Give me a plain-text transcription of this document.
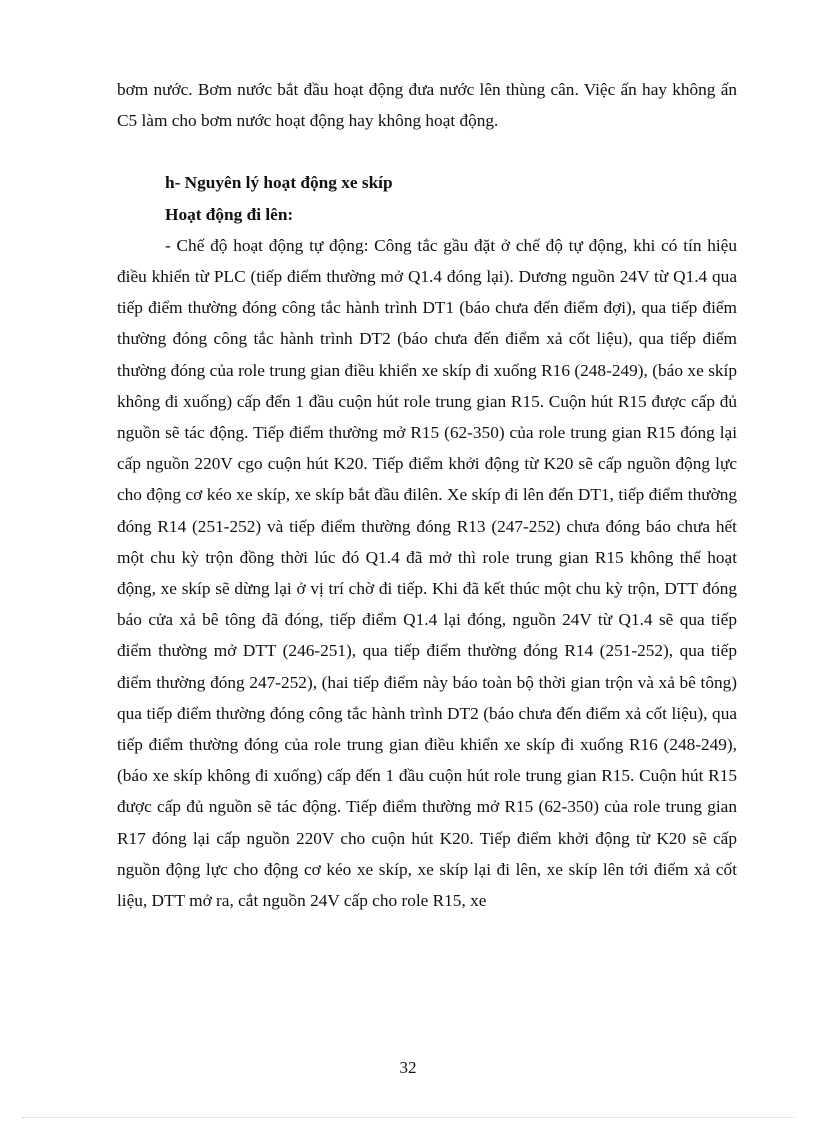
bơm nước. Bơm nước bắt đầu hoạt động đưa nước lên thùng cân. Việc ấn hay không ấn C5 làm cho bơm nước hoạt động hay không hoạt động.

h- Nguyên lý hoạt động xe skíp

Hoạt động đi lên:

- Chế độ hoạt động tự động: Công tắc gầu đặt ở chế độ tự động, khi có tín hiệu điều khiển từ PLC (tiếp điểm thường mở Q1.4 đóng lại). Dương nguồn 24V từ Q1.4 qua tiếp điểm thường đóng công tắc hành trình DT1 (báo chưa đến điểm đợi), qua tiếp điểm thường đóng công tắc hành trình DT2 (báo chưa đến điểm xả cốt liệu), qua tiếp điểm thường đóng của role trung gian điều khiển xe skíp đi xuống R16 (248-249), (báo xe skíp không đi xuống) cấp đến 1 đầu cuộn hút role trung gian R15. Cuộn hút R15 được cấp đủ nguồn sẽ tác động. Tiếp điểm thường mở R15 (62-350) của role trung gian R15 đóng lại cấp nguồn 220V cgo cuộn hút K20. Tiếp điểm khởi động từ K20 sẽ cấp nguồn động lực cho động cơ kéo xe skíp, xe skíp bắt đầu đilên. Xe skíp đi lên đến DT1, tiếp điểm thường đóng R14 (251-252) và tiếp điểm thường đóng R13 (247-252) chưa đóng báo chưa hết một chu kỳ trộn đồng thời lúc đó Q1.4 đã mở thì role trung gian R15 không thể hoạt động, xe skíp sẽ dừng lại ở vị trí chờ đi tiếp. Khi đã kết thúc một chu kỳ trộn, DTT đóng báo cửa xả bê tông đã đóng, tiếp điểm Q1.4 lại đóng, nguồn 24V từ Q1.4 sẽ qua tiếp điểm thường mở DTT (246-251), qua tiếp điểm thường đóng R14 (251-252), qua tiếp điểm thường đóng 247-252), (hai tiếp điểm này báo toàn bộ thời gian trộn và xả bê tông) qua tiếp điểm thường đóng công tắc hành trình DT2 (báo chưa đến điểm xả cốt liệu), qua tiếp điểm thường đóng của role trung gian điều khiển xe skíp đi xuống R16 (248-249), (báo xe skíp không đi xuống) cấp đến 1 đầu cuộn hút role trung gian R15. Cuộn hút R15 được cấp đủ nguồn sẽ tác động. Tiếp điểm thường mở R15 (62-350) của role trung gian R17 đóng lại cấp nguồn 220V cho cuộn hút K20. Tiếp điểm khởi động từ K20 sẽ cấp nguồn động lực cho động cơ kéo xe skíp, xe skíp lại đi lên, xe skíp lên tới điểm xả cốt liệu, DTT mở ra, cắt nguồn 24V cấp cho role R15, xe

32
